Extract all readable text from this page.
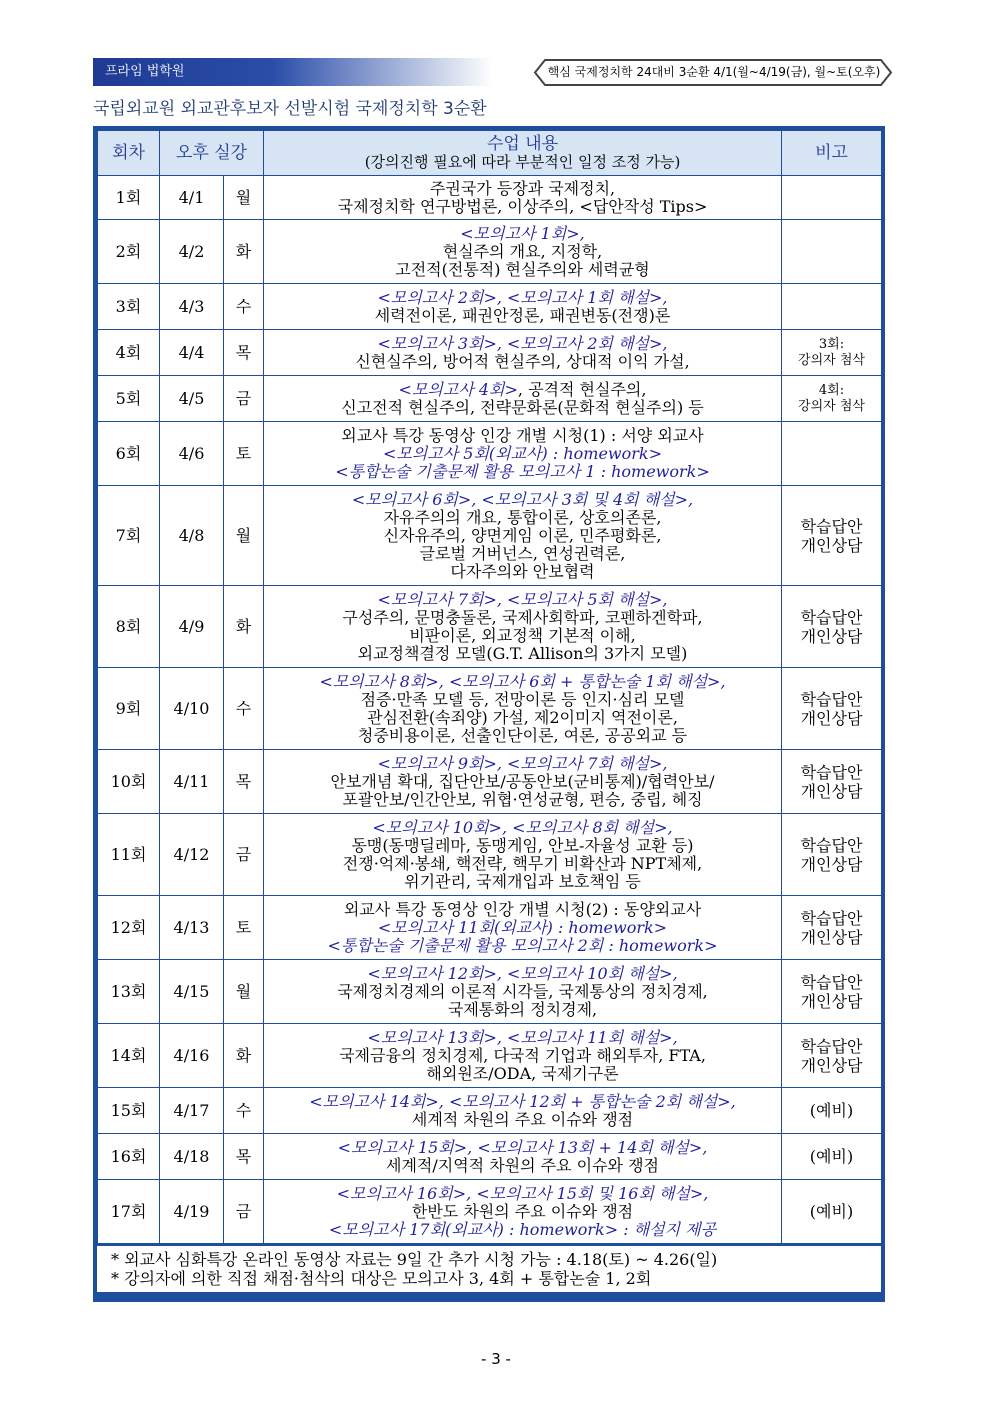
프라임 법학원	핵심 국제정치학 24대비 3순환 4/1(월~4/19(금), 월~토(오후)
국립외교원 외교관후보자 선발시험 국제정치학 3순환
회차	오후 실강		수업 내용
(강의진행 필요에 따라 부분적인 일정 조정 가능)	비고
1회	4/1	월	주권국가 등장과 국제정치,
국제정치학 연구방법론, 이상주의, <답안작성 Tips>	

2회	4/2	화	<모의고사 1회>,
현실주의 개요, 지정학,
고전적(전통적) 현실주의와 세력균형	

3회	4/3	수	<모의고사 2회>, <모의고사 1회 해설>,
세력전이론, 패권안정론, 패권변동(전쟁)론	

4회	4/4	목	<모의고사 3회>, <모의고사 2회 해설>,
신현실주의, 방어적 현실주의, 상대적 이익 가설,	3회:
강의자 첨삭

5회	4/5	금	<모의고사 4회>, 공격적 현실주의,
신고전적 현실주의, 전략문화론(문화적 현실주의) 등	4회:
강의자 첨삭

6회	4/6	토	외교사 특강 동영상 인강 개별 시청(1) : 서양 외교사
<모의고사 5회(외교사) : homework>
<통합논술 기출문제 활용 모의고사 1 : homework>	

7회	4/8	월	<모의고사 6회>, <모의고사 3회 및 4회 해설>,
자유주의의 개요, 통합이론, 상호의존론,
신자유주의, 양면게임 이론, 민주평화론,
글로벌 거버넌스, 연성권력론,
다자주의와 안보협력	학습답안
개인상담

8회	4/9	화	<모의고사 7회>, <모의고사 5회 해설>,
구성주의, 문명충돌론, 국제사회학파, 코펜하겐학파,
비판이론, 외교정책 기본적 이해,
외교정책결정 모델(G.T. Allison의 3가지 모델)	학습답안
개인상담

9회	4/10	수	<모의고사 8회>, <모의고사 6회 + 통합논술 1회 해설>,
점증·만족 모델 등, 전망이론 등 인지·심리 모델
관심전환(속죄양) 가설, 제2이미지 역전이론,
청중비용이론, 선출인단이론, 여론, 공공외교 등	학습답안
개인상담

10회	4/11	목	<모의고사 9회>, <모의고사 7회 해설>,
안보개념 확대, 집단안보/공동안보(군비통제)/협력안보/
포괄안보/인간안보, 위협·연성균형, 편승, 중립, 헤징	학습답안
개인상담

11회	4/12	금	<모의고사 10회>, <모의고사 8회 해설>,
동맹(동맹딜레마, 동맹게임, 안보-자율성 교환 등)
전쟁·억제·봉쇄, 핵전략, 핵무기 비확산과 NPT체제,
위기관리, 국제개입과 보호책임 등	학습답안
개인상담

12회	4/13	토	외교사 특강 동영상 인강 개별 시청(2) : 동양외교사
<모의고사 11회(외교사) : homework>
<통합논술 기출문제 활용 모의고사 2회 : homework>	학습답안
개인상담

13회	4/15	월	<모의고사 12회>, <모의고사 10회 해설>,
국제정치경제의 이론적 시각들, 국제통상의 정치경제,
국제통화의 정치경제,	학습답안
개인상담

14회	4/16	화	<모의고사 13회>, <모의고사 11회 해설>,
국제금융의 정치경제, 다국적 기업과 해외투자, FTA,
해외원조/ODA, 국제기구론	학습답안
개인상담

15회	4/17	수	<모의고사 14회>, <모의고사 12회 + 통합논술 2회 해설>,
세계적 차원의 주요 이슈와 쟁점	(예비)

16회	4/18	목	<모의고사 15회>, <모의고사 13회 + 14회 해설>,
세계적/지역적 차원의 주요 이슈와 쟁점	(예비)

17회	4/19	금	<모의고사 16회>, <모의고사 15회 및 16회 해설>,
한반도 차원의 주요 이슈와 쟁점
<모의고사 17회(외교사) : homework> : 해설지 제공	(예비)
* 외교사 심화특강 온라인 동영상 자료는 9일 간 추가 시청 가능 : 4.18(토) ~ 4.26(일)
* 강의자에 의한 직접 채점·첨삭의 대상은 모의고사 3, 4회 + 통합논술 1, 2회
- 3 -
